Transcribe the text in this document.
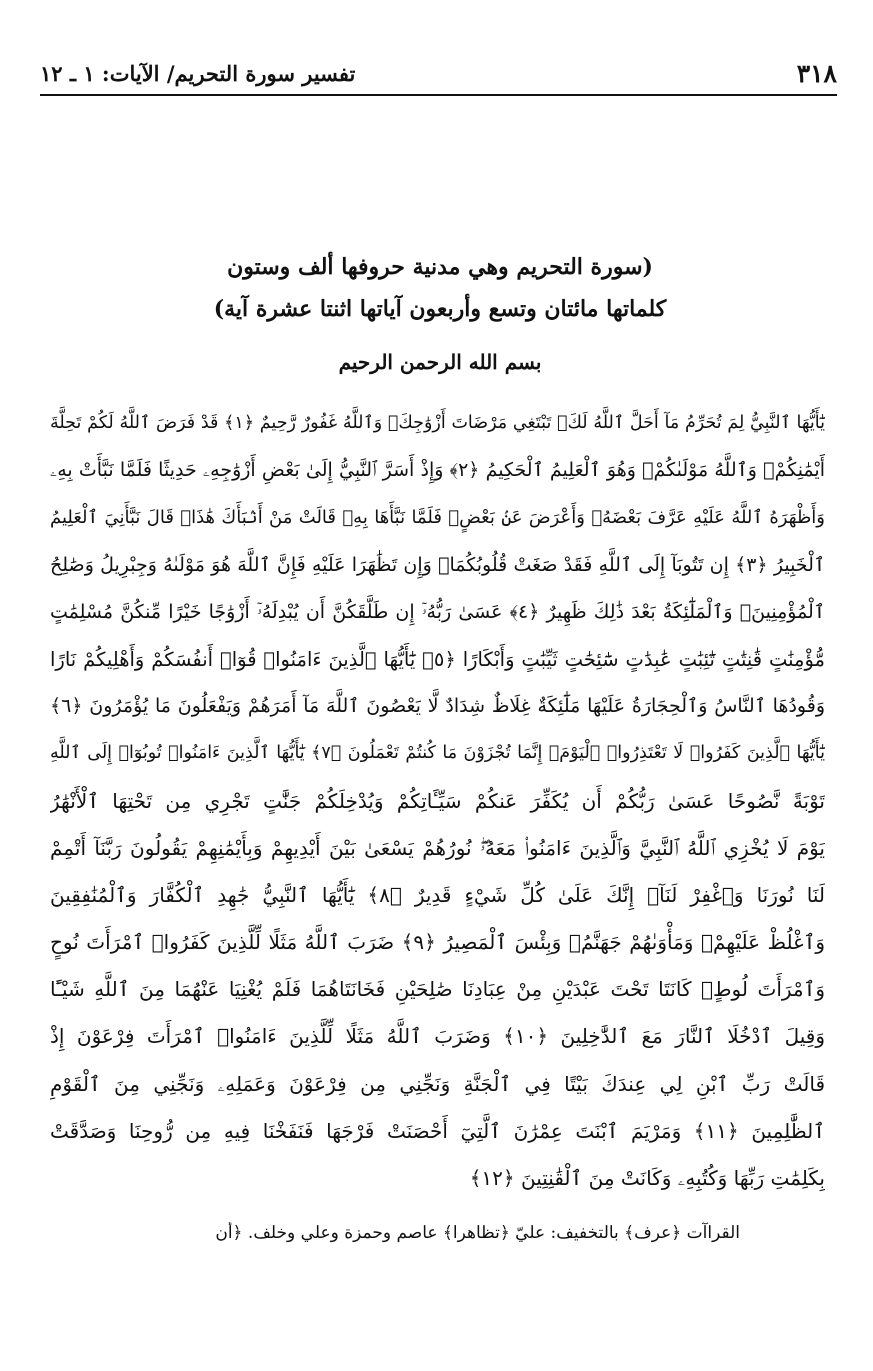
٣١٨
تفسير سورة التحريم/ الآيات: ١ ـ ١٢
(سورة التحريم وهي مدنية حروفها ألف وستون
كلماتها مائتان وتسع وأربعون آياتها اثنتا عشرة آية)
بسم الله الرحمن الرحيم
يَٰٓأَيُّهَا ٱلنَّبِيُّ لِمَ تُحَرِّمُ مَآ أَحَلَّ ٱللَّهُ لَكَۖ تَبْتَغِي مَرْضَاتَ أَزْوَٰجِكَۚ وَٱللَّهُ غَفُورٌ رَّحِيمٌ ﴿١﴾ قَدْ فَرَضَ ٱللَّهُ لَكُمْ تَحِلَّةَ
أَيْمَٰنِكُمْۚ وَٱللَّهُ مَوْلَىٰكُمْۖ وَهُوَ ٱلْعَلِيمُ ٱلْحَكِيمُ ﴿٢﴾ وَإِذْ أَسَرَّ ٱلنَّبِيُّ إِلَىٰ بَعْضِ أَزْوَٰجِهِۦ حَدِيثًا فَلَمَّا نَبَّأَتْ بِهِۦ
وَأَظْهَرَهُ ٱللَّهُ عَلَيْهِ عَرَّفَ بَعْضَهُۥ وَأَعْرَضَ عَنۢ بَعْضٍۖ فَلَمَّا نَبَّأَهَا بِهِۦ قَالَتْ مَنْ أَنۢبَأَكَ هَٰذَاۖ قَالَ نَبَّأَنِيَ ٱلْعَلِيمُ
ٱلْخَبِيرُ ﴿٣﴾ إِن تَتُوبَآ إِلَى ٱللَّهِ فَقَدْ صَغَتْ قُلُوبُكُمَاۖ وَإِن تَظَٰهَرَا عَلَيْهِ فَإِنَّ ٱللَّهَ هُوَ مَوْلَىٰهُ وَجِبْرِيلُ وَصَٰلِحُ
ٱلْمُؤْمِنِينَۖ وَٱلْمَلَٰٓئِكَةُ بَعْدَ ذَٰلِكَ ظَهِيرٌ ﴿٤﴾ عَسَىٰ رَبُّهُۥٓ إِن طَلَّقَكُنَّ أَن يُبْدِلَهُۥٓ أَزْوَٰجًا خَيْرًا مِّنكُنَّ مُسْلِمَٰتٍ
مُّؤْمِنَٰتٍ قَٰنِتَٰتٍ تَٰٓئِبَٰتٍ عَٰبِدَٰتٍ سَٰٓئِحَٰتٍ ثَيِّبَٰتٍ وَأَبْكَارًا ﴿٥﴾ يَٰٓأَيُّهَا ٱلَّذِينَ ءَامَنُوا۟ قُوٓا۟ أَنفُسَكُمْ وَأَهْلِيكُمْ نَارًا
وَقُودُهَا ٱلنَّاسُ وَٱلْحِجَارَةُ عَلَيْهَا مَلَٰٓئِكَةٌ غِلَاظٌ شِدَادٌ لَّا يَعْصُونَ ٱللَّهَ مَآ أَمَرَهُمْ وَيَفْعَلُونَ مَا يُؤْمَرُونَ ﴿٦﴾
يَٰٓأَيُّهَا ٱلَّذِينَ كَفَرُوا۟ لَا تَعْتَذِرُوا۟ ٱلْيَوْمَۖ إِنَّمَا تُجْزَوْنَ مَا كُنتُمْ تَعْمَلُونَ ﴿٧﴾ يَٰٓأَيُّهَا ٱلَّذِينَ ءَامَنُوا۟ تُوبُوٓا۟ إِلَى ٱللَّهِ
تَوْبَةً نَّصُوحًا عَسَىٰ رَبُّكُمْ أَن يُكَفِّرَ عَنكُمْ سَيِّـَٔاتِكُمْ وَيُدْخِلَكُمْ جَنَّٰتٍ تَجْرِي مِن تَحْتِهَا ٱلْأَنْهَٰرُ
يَوْمَ لَا يُخْزِي ٱللَّهُ ٱلنَّبِيَّ وَٱلَّذِينَ ءَامَنُوا۟ مَعَهُۥۖ نُورُهُمْ يَسْعَىٰ بَيْنَ أَيْدِيهِمْ وَبِأَيْمَٰنِهِمْ يَقُولُونَ رَبَّنَآ أَتْمِمْ
لَنَا نُورَنَا وَٱغْفِرْ لَنَآۖ إِنَّكَ عَلَىٰ كُلِّ شَيْءٍ قَدِيرٌ ﴿٨﴾ يَٰٓأَيُّهَا ٱلنَّبِيُّ جَٰهِدِ ٱلْكُفَّارَ وَٱلْمُنَٰفِقِينَ
وَٱغْلُظْ عَلَيْهِمْۚ وَمَأْوَىٰهُمْ جَهَنَّمُۖ وَبِئْسَ ٱلْمَصِيرُ ﴿٩﴾ ضَرَبَ ٱللَّهُ مَثَلًا لِّلَّذِينَ كَفَرُوا۟ ٱمْرَأَتَ نُوحٍ
وَٱمْرَأَتَ لُوطٍۖ كَانَتَا تَحْتَ عَبْدَيْنِ مِنْ عِبَادِنَا صَٰلِحَيْنِ فَخَانَتَاهُمَا فَلَمْ يُغْنِيَا عَنْهُمَا مِنَ ٱللَّهِ شَيْـًٔا
وَقِيلَ ٱدْخُلَا ٱلنَّارَ مَعَ ٱلدَّٰخِلِينَ ﴿١٠﴾ وَضَرَبَ ٱللَّهُ مَثَلًا لِّلَّذِينَ ءَامَنُوا۟ ٱمْرَأَتَ فِرْعَوْنَ إِذْ
قَالَتْ رَبِّ ٱبْنِ لِي عِندَكَ بَيْتًا فِي ٱلْجَنَّةِ وَنَجِّنِي مِن فِرْعَوْنَ وَعَمَلِهِۦ وَنَجِّنِي مِنَ ٱلْقَوْمِ
ٱلظَّٰلِمِينَ ﴿١١﴾ وَمَرْيَمَ ٱبْنَتَ عِمْرَٰنَ ٱلَّتِيٓ أَحْصَنَتْ فَرْجَهَا فَنَفَخْنَا فِيهِ مِن رُّوحِنَا وَصَدَّقَتْ
بِكَلِمَٰتِ رَبِّهَا وَكُتُبِهِۦ وَكَانَتْ مِنَ ٱلْقَٰنِتِينَ ﴿١٢﴾
القراآت ﴿عرف﴾ بالتخفيف: عليّ ﴿تظاهرا﴾ عاصم وحمزة وعلي وخلف. ﴿أن
